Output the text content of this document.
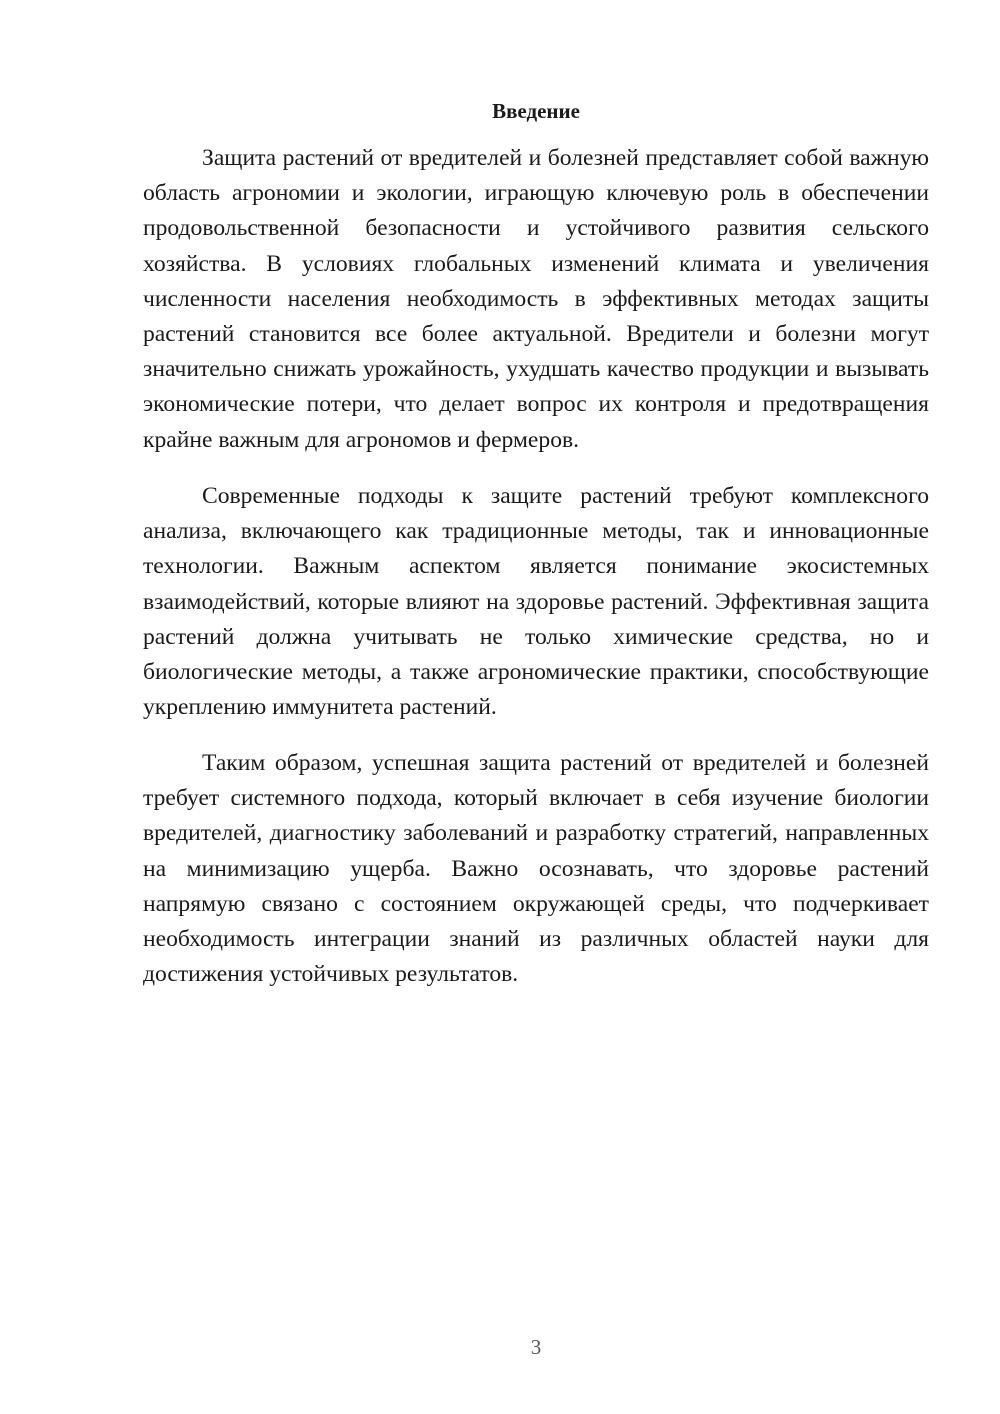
Введение

Защита растений от вредителей и болезней представляет собой важную область агрономии и экологии, играющую ключевую роль в обеспечении продовольственной безопасности и устойчивого развития сельского хозяйства. В условиях глобальных изменений климата и увеличения численности населения необходимость в эффективных методах защиты растений становится все более актуальной. Вредители и болезни могут значительно снижать урожайность, ухудшать качество продукции и вызывать экономические потери, что делает вопрос их контроля и предотвращения крайне важным для агрономов и фермеров.

Современные подходы к защите растений требуют комплексного анализа, включающего как традиционные методы, так и инновационные технологии. Важным аспектом является понимание экосистемных взаимодействий, которые влияют на здоровье растений. Эффективная защита растений должна учитывать не только химические средства, но и биологические методы, а также агрономические практики, способствующие укреплению иммунитета растений.

Таким образом, успешная защита растений от вредителей и болезней требует системного подхода, который включает в себя изучение биологии вредителей, диагностику заболеваний и разработку стратегий, направленных на минимизацию ущерба. Важно осознавать, что здоровье растений напрямую связано с состоянием окружающей среды, что подчеркивает необходимость интеграции знаний из различных областей науки для достижения устойчивых результатов.

3
